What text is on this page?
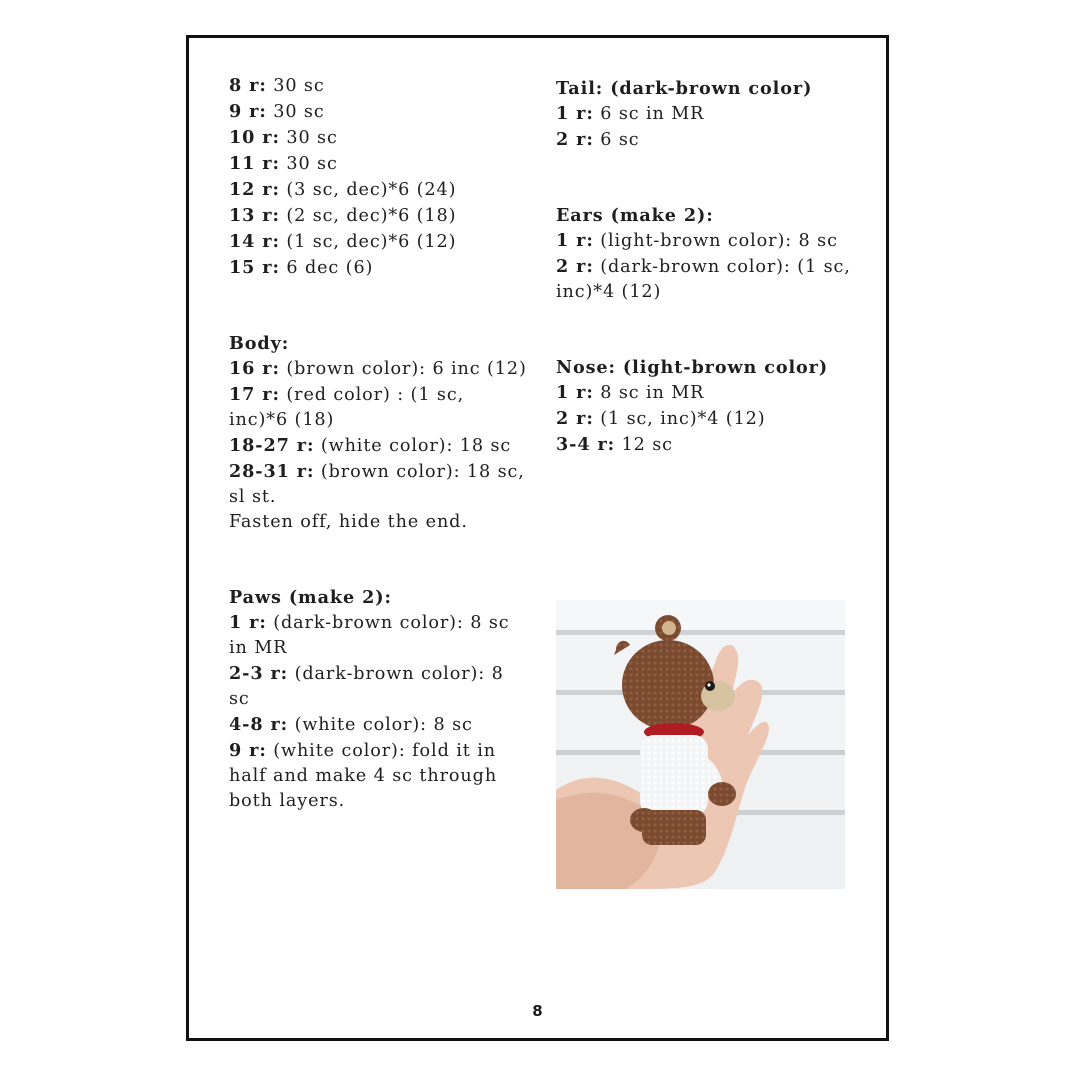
8 r: 30 sc
9 r: 30 sc
10 r: 30 sc
11 r: 30 sc
12 r: (3 sc, dec)*6 (24)
13 r: (2 sc, dec)*6 (18)
14 r: (1 sc, dec)*6 (12)
15 r: 6 dec (6)
Body:
16 r: (brown color): 6 inc (12)
17 r: (red color) : (1 sc, inc)*6 (18)
18-27 r: (white color): 18 sc
28-31 r: (brown color): 18 sc, sl st.
Fasten off, hide the end.
Paws (make 2):
1 r: (dark-brown color): 8 sc in MR
2-3 r: (dark-brown color): 8 sc
4-8 r: (white color): 8 sc
9 r: (white color): fold it in half and make 4 sc through both layers.
Tail: (dark-brown color)
1 r: 6 sc in MR
2 r: 6 sc
Ears (make 2):
1 r: (light-brown color): 8 sc
2 r: (dark-brown color): (1 sc, inc)*4 (12)
Nose: (light-brown color)
1 r: 8 sc in MR
2 r: (1 sc, inc)*4 (12)
3-4 r: 12 sc
8
